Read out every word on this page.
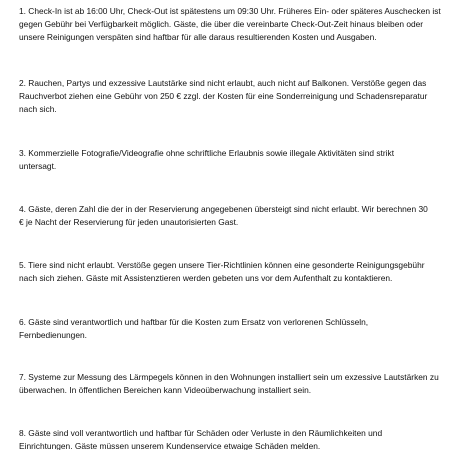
1. Check-In ist ab 16:00 Uhr, Check-Out ist spätestens um 09:30 Uhr. Früheres Ein- oder späteres Auschecken ist
gegen Gebühr bei Verfügbarkeit möglich. Gäste, die über die vereinbarte Check-Out-Zeit hinaus bleiben oder
unsere Reinigungen verspäten sind haftbar für alle daraus resultierenden Kosten und Ausgaben.

2. Rauchen, Partys und exzessive Lautstärke sind nicht erlaubt, auch nicht auf Balkonen. Verstöße gegen das
Rauchverbot ziehen eine Gebühr von 250 € zzgl. der Kosten für eine Sonderreinigung und Schadensreparatur
nach sich.

3. Kommerzielle Fotografie/Videografie ohne schriftliche Erlaubnis sowie illegale Aktivitäten sind strikt
untersagt.

4. Gäste, deren Zahl die der in der Reservierung angegebenen übersteigt sind nicht erlaubt. Wir berechnen 30
€ je Nacht der Reservierung für jeden unautorisierten Gast.

5. Tiere sind nicht erlaubt. Verstöße gegen unsere Tier-Richtlinien können eine gesonderte Reinigungsgebühr
nach sich ziehen. Gäste mit Assistenztieren werden gebeten uns vor dem Aufenthalt zu kontaktieren.

6. Gäste sind verantwortlich und haftbar für die Kosten zum Ersatz von verlorenen Schlüsseln,
Fernbedienungen.

7. Systeme zur Messung des Lärmpegels können in den Wohnungen installiert sein um exzessive Lautstärken zu
überwachen. In öffentlichen Bereichen kann Videoüberwachung installiert sein.

8. Gäste sind voll verantwortlich und haftbar für Schäden oder Verluste in den Räumlichkeiten und
Einrichtungen. Gäste müssen unserem Kundenservice etwaige Schäden melden.
